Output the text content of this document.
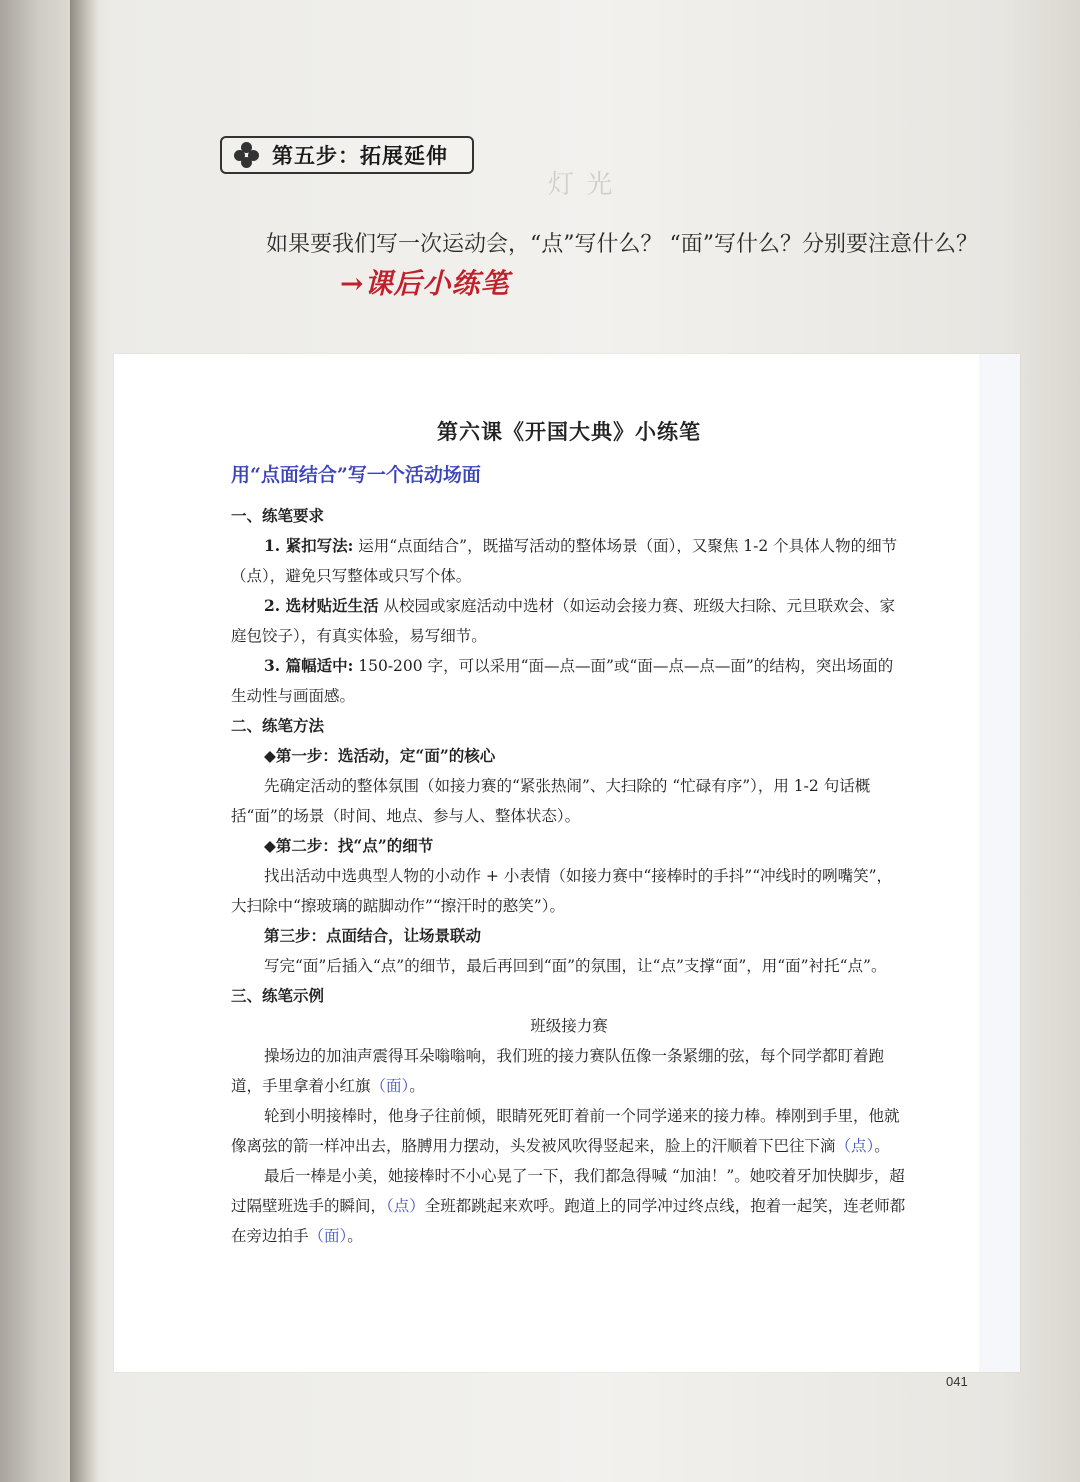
灯 光
第五步：拓展延伸
如果要我们写一次运动会，“点”写什么？ “面”写什么？分别要注意什么？
→课后小练笔
第六课《开国大典》小练笔
用“点面结合”写一个活动场面
一、练笔要求

1. 紧扣写法: 运用“点面结合”，既描写活动的整体场景（面），又聚焦 1-2 个具体人物的细节（点），避免只写整体或只写个体。

2. 选材贴近生活 从校园或家庭活动中选材（如运动会接力赛、班级大扫除、元旦联欢会、家庭包饺子），有真实体验，易写细节。

3. 篇幅适中: 150-200 字，可以采用“面—点—面”或“面—点—点—面”的结构，突出场面的生动性与画面感。

二、练笔方法
◆第一步：选活动，定“面”的核心

先确定活动的整体氛围（如接力赛的“紧张热闹”、大扫除的 “忙碌有序”），用 1-2 句话概括“面”的场景（时间、地点、参与人、整体状态）。

◆第二步：找“点”的细节

找出活动中选典型人物的小动作 + 小表情（如接力赛中“接棒时的手抖”“冲线时的咧嘴笑”，大扫除中“擦玻璃的踮脚动作”“擦汗时的憨笑”）。

第三步：点面结合，让场景联动

写完“面”后插入“点”的细节，最后再回到“面”的氛围，让“点”支撑“面”，用“面”衬托“点”。

三、练笔示例
班级接力赛

操场边的加油声震得耳朵嗡嗡响，我们班的接力赛队伍像一条紧绷的弦，每个同学都盯着跑道，手里拿着小红旗（面）。

轮到小明接棒时，他身子往前倾，眼睛死死盯着前一个同学递来的接力棒。棒刚到手里，他就像离弦的箭一样冲出去，胳膊用力摆动，头发被风吹得竖起来，脸上的汗顺着下巴往下滴（点）。

最后一棒是小美，她接棒时不小心晃了一下，我们都急得喊 “加油！”。她咬着牙加快脚步，超过隔壁班选手的瞬间，（点）全班都跳起来欢呼。跑道上的同学冲过终点线，抱着一起笑，连老师都在旁边拍手（面）。

041
